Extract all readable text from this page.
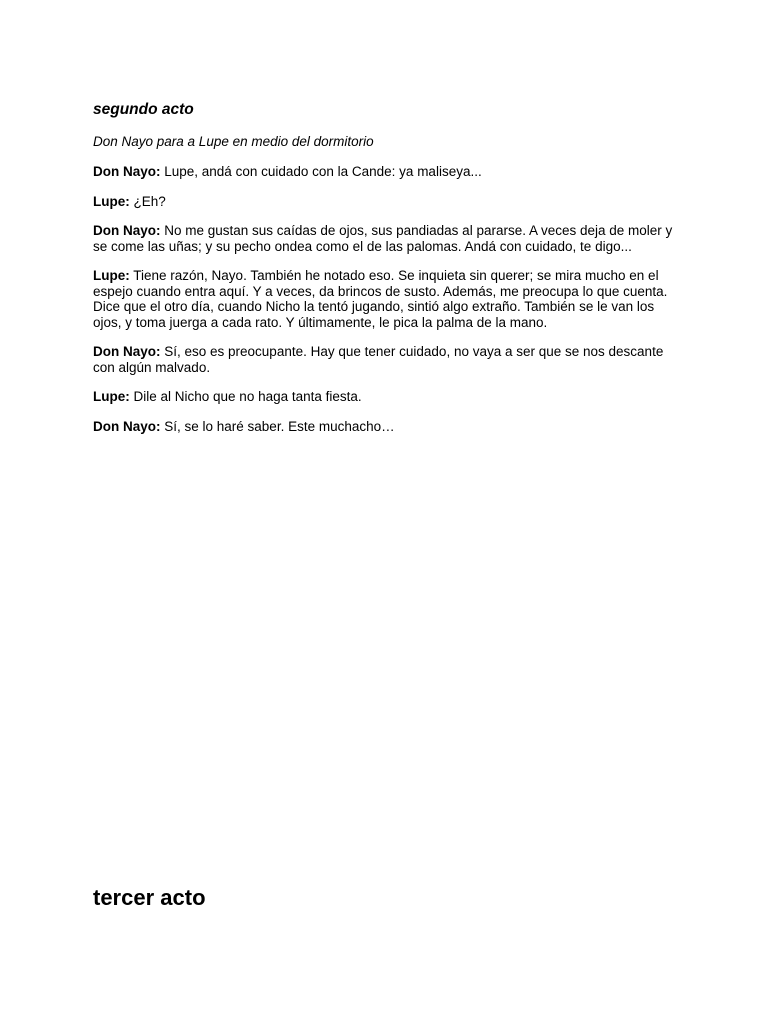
segundo acto

Don Nayo para a Lupe en medio del dormitorio

Don Nayo: Lupe, andá con cuidado con la Cande: ya maliseya...

Lupe: ¿Eh?

Don Nayo: No me gustan sus caídas de ojos, sus pandiadas al pararse. A veces deja de moler y se come las uñas; y su pecho ondea como el de las palomas. Andá con cuidado, te digo...

Lupe: Tiene razón, Nayo. También he notado eso. Se inquieta sin querer; se mira mucho en el espejo cuando entra aquí. Y a veces, da brincos de susto. Además, me preocupa lo que cuenta. Dice que el otro día, cuando Nicho la tentó jugando, sintió algo extraño. También se le van los ojos, y toma juerga a cada rato. Y últimamente, le pica la palma de la mano.

Don Nayo: Sí, eso es preocupante. Hay que tener cuidado, no vaya a ser que se nos descante con algún malvado.

Lupe: Dile al Nicho que no haga tanta fiesta.

Don Nayo: Sí, se lo haré saber. Este muchacho…

tercer acto
